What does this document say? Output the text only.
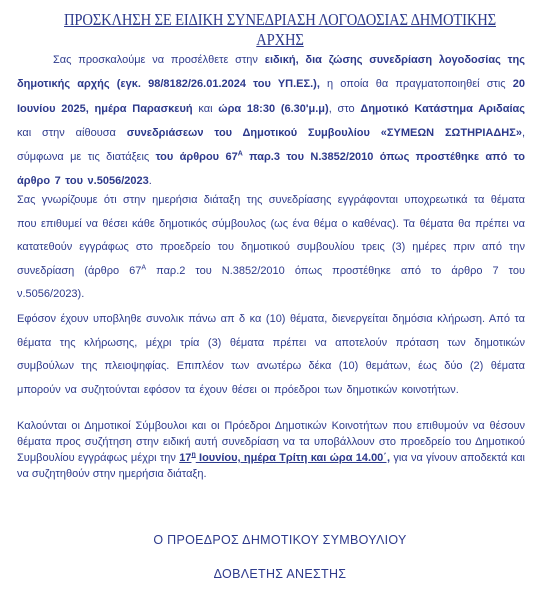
ΠΡΟΣΚΛΗΣΗ ΣΕ ΕΙΔΙΚΗ ΣΥΝΕΔΡΙΑΣΗ ΛΟΓΟΔΟΣΙΑΣ ΔΗΜΟΤΙΚΗΣ ΑΡΧΗΣ
Σας προσκαλούμε να προσέλθετε στην ειδική, δια ζώσης συνεδρίαση λογοδοσίας της δημοτικής αρχής (εγκ. 98/8182/26.01.2024 του ΥΠ.ΕΣ.), η οποία θα πραγματοποιηθεί στις 20 Ιουνίου 2025, ημέρα Παρασκευή και ώρα 18:30 (6.30'μ.μ), στο Δημοτικό Κατάστημα Αριδαίας και στην αίθουσα συνεδριάσεων του Δημοτικού Συμβουλίου «ΣΥΜΕΩΝ ΣΩΤΗΡΙΑΔΗΣ», σύμφωνα με τις διατάξεις του άρθρου $67^A$ παρ.3 του Ν.3852/2010 όπως προστέθηκε από το άρθρο 7 του ν.5056/2023.
Σας γνωρίζουμε ότι στην ημερήσια διάταξη της συνεδρίασης εγγράφονται υποχρεωτικά τα θέματα που επιθυμεί να θέσει κάθε δημοτικός σύμβουλος (ως ένα θέμα ο καθένας). Τα θέματα θα πρέπει να κατατεθούν εγγράφως στο προεδρείο του δημοτικού συμβουλίου τρεις (3) ημέρες πριν από την συνεδρίαση (άρθρο $67^A$ παρ.2 του Ν.3852/2010 όπως προστέθηκε από το άρθρο 7 του ν.5056/2023).
Εφόσον έχουν υποβληθε συνολικ πάνω απ δ κα (10) θέματα, διενεργείται δημόσια κλήρωση. Από τα θέματα της κλήρωσης, μέχρι τρία (3) θέματα πρέπει να αποτελούν πρόταση των δημοτικών συμβούλων της πλειοψηφίας. Επιπλέον των ανωτέρω δέκα (10) θεμάτων, έως δύο (2) θέματα μπορούν να συζητούνται εφόσον τα έχουν θέσει οι πρόεδροι των δημοτικών κοινοτήτων.
Καλούνται οι Δημοτικοί Σύμβουλοι και οι Πρόεδροι Δημοτικών Κοινοτήτων που επιθυμούν να θέσουν θέματα προς συζήτηση στην ειδική αυτή συνεδρίαση να τα υποβάλλουν στο προεδρείο του Δημοτικού Συμβουλίου εγγράφως μέχρι την $17^\eta$ Ιουνίου, ημέρα Τρίτη και ώρα 14.00΄, για να γίνουν αποδεκτά και να συζητηθούν στην ημερήσια διάταξη.
Ο ΠΡΟΕΔΡΟΣ ΔΗΜΟΤΙΚΟΥ ΣΥΜΒΟΥΛΙΟΥ
ΔΟΒΛΕΤΗΣ ΑΝΕΣΤΗΣ
